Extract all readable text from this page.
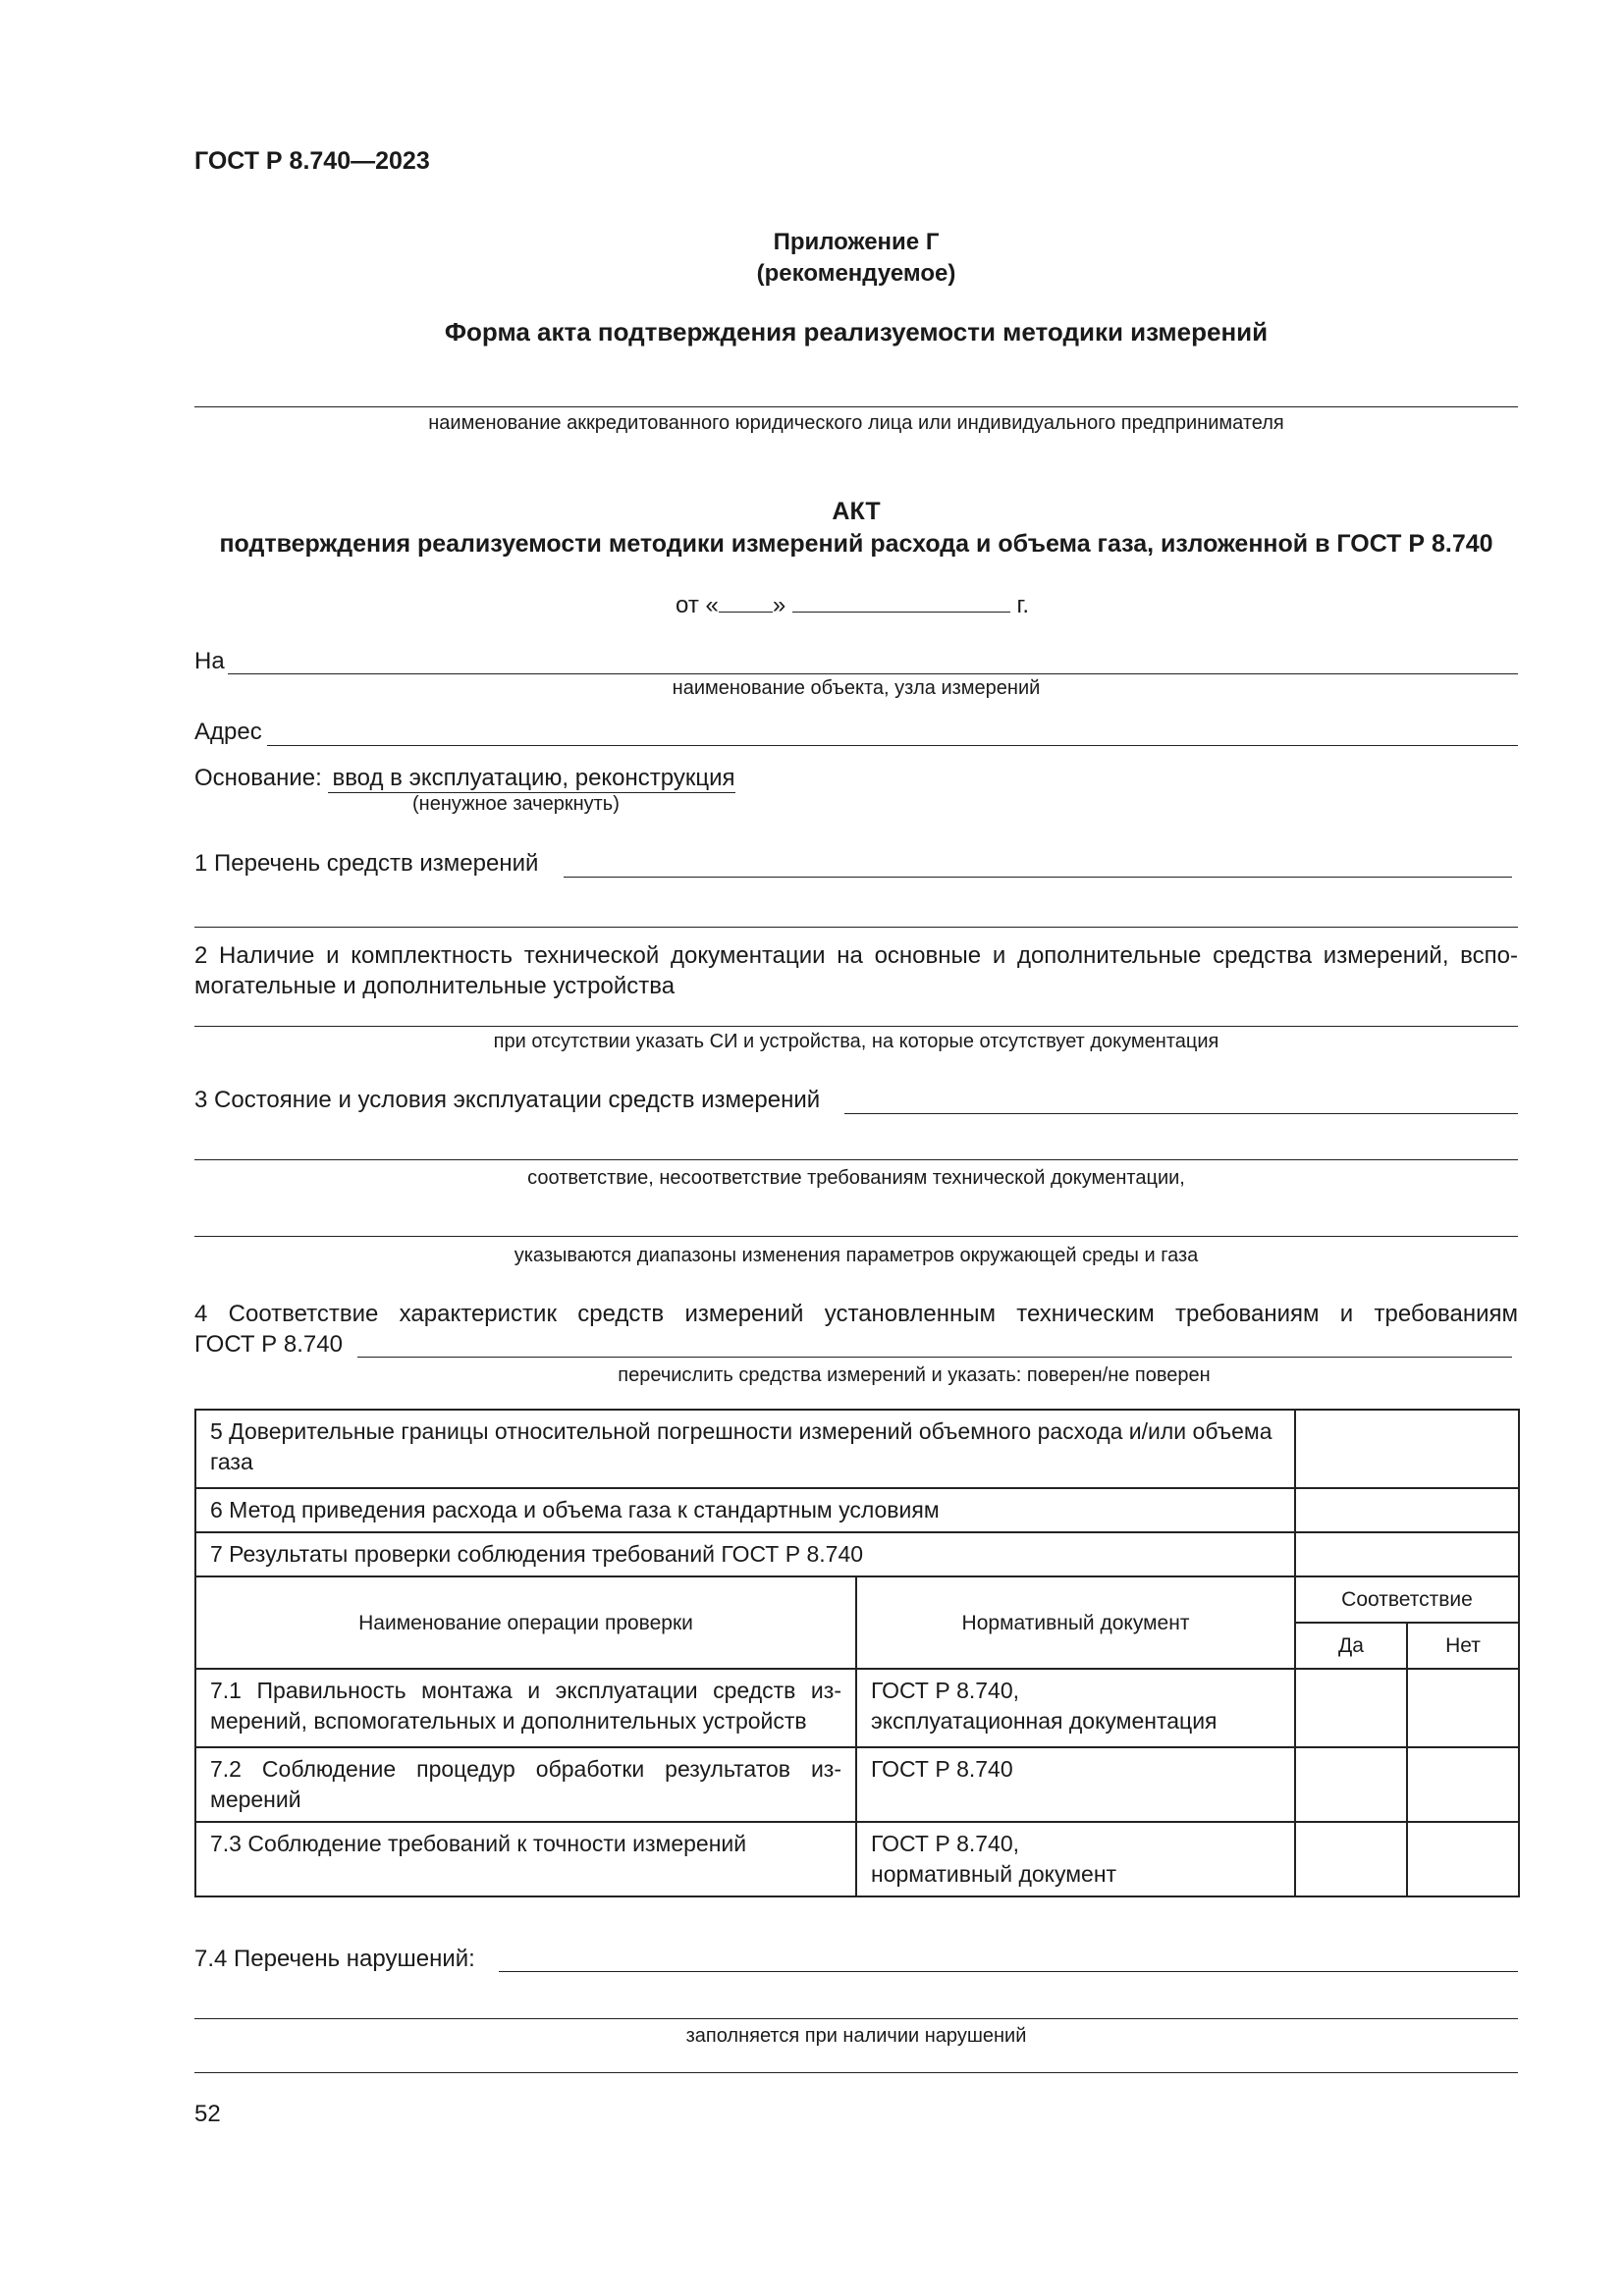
ГОСТ Р 8.740—2023
Приложение Г
(рекомендуемое)
Форма акта подтверждения реализуемости методики измерений
наименование аккредитованного юридического лица или индивидуального предпринимателя
АКТ
подтверждения реализуемости методики измерений расхода и объема газа, изложенной в ГОСТ Р 8.740
от « »	г.
На
наименование объекта, узла измерений
Адрес
Основание: ввод в эксплуатацию, реконструкция
(ненужное зачеркнуть)
1 Перечень средств измерений
2 Наличие и комплектность технической документации на основные и дополнительные средства измерений, вспо-могательные и дополнительные устройства
при отсутствии указать СИ и устройства, на которые отсутствует документация
3 Состояние и условия эксплуатации средств измерений
соответствие, несоответствие требованиям технической документации,
указываются диапазоны изменения параметров окружающей среды и газа
4 Соответствие характеристик средств измерений установленным техническим требованиям и требованиям
ГОСТ Р 8.740
перечислить средства измерений и указать: поверен/не поверен
5 Доверительные границы относительной погрешности измерений объемного расхода и/или объема газа			
6 Метод приведения расхода и объема газа к стандартным условиям			
7 Результаты проверки соблюдения требований ГОСТ Р 8.740			
Наименование операции проверки	Нормативный документ	Соответствие	
		Да	Нет
7.1 Правильность монтажа и эксплуатации средств из-мерений, вспомогательных и дополнительных устройств	ГОСТ Р 8.740,
эксплуатационная документация		

7.2 Соблюдение процедур обработки результатов из-мерений	ГОСТ Р 8.740		

7.3 Соблюдение требований к точности измерений	ГОСТ Р 8.740,
нормативный документ		

7.4 Перечень нарушений:
заполняется при наличии нарушений
52
